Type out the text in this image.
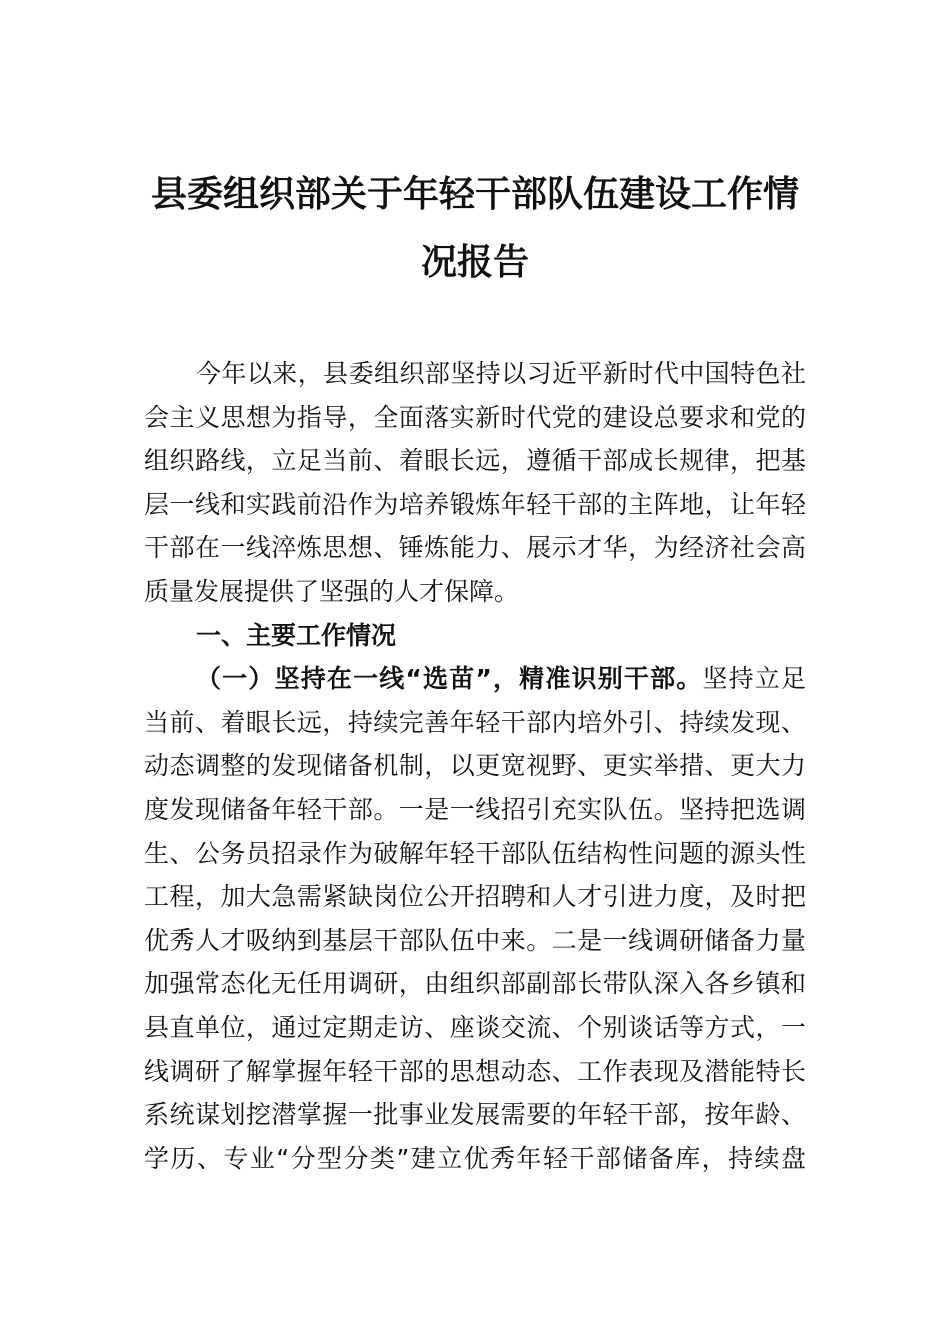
县委组织部关于年轻干部队伍建设工作情
况报告
今年以来，县委组织部坚持以习近平新时代中国特色社
会主义思想为指导，全面落实新时代党的建设总要求和党的
组织路线，立足当前、着眼长远，遵循干部成长规律，把基
层一线和实践前沿作为培养锻炼年轻干部的主阵地，让年轻
干部在一线淬炼思想、锤炼能力、展示才华，为经济社会高
质量发展提供了坚强的人才保障。
一、主要工作情况
（一）坚持在一线“选苗”，精准识别干部。坚持立足
当前、着眼长远，持续完善年轻干部内培外引、持续发现、
动态调整的发现储备机制，以更宽视野、更实举措、更大力
度发现储备年轻干部。一是一线招引充实队伍。坚持把选调
生、公务员招录作为破解年轻干部队伍结构性问题的源头性
工程，加大急需紧缺岗位公开招聘和人才引进力度，及时把
优秀人才吸纳到基层干部队伍中来。二是一线调研储备力量
加强常态化无任用调研，由组织部副部长带队深入各乡镇和
县直单位，通过定期走访、座谈交流、个别谈话等方式，一
线调研了解掌握年轻干部的思想动态、工作表现及潜能特长
系统谋划挖潜掌握一批事业发展需要的年轻干部，按年龄、
学历、专业“分型分类”建立优秀年轻干部储备库，持续盘
